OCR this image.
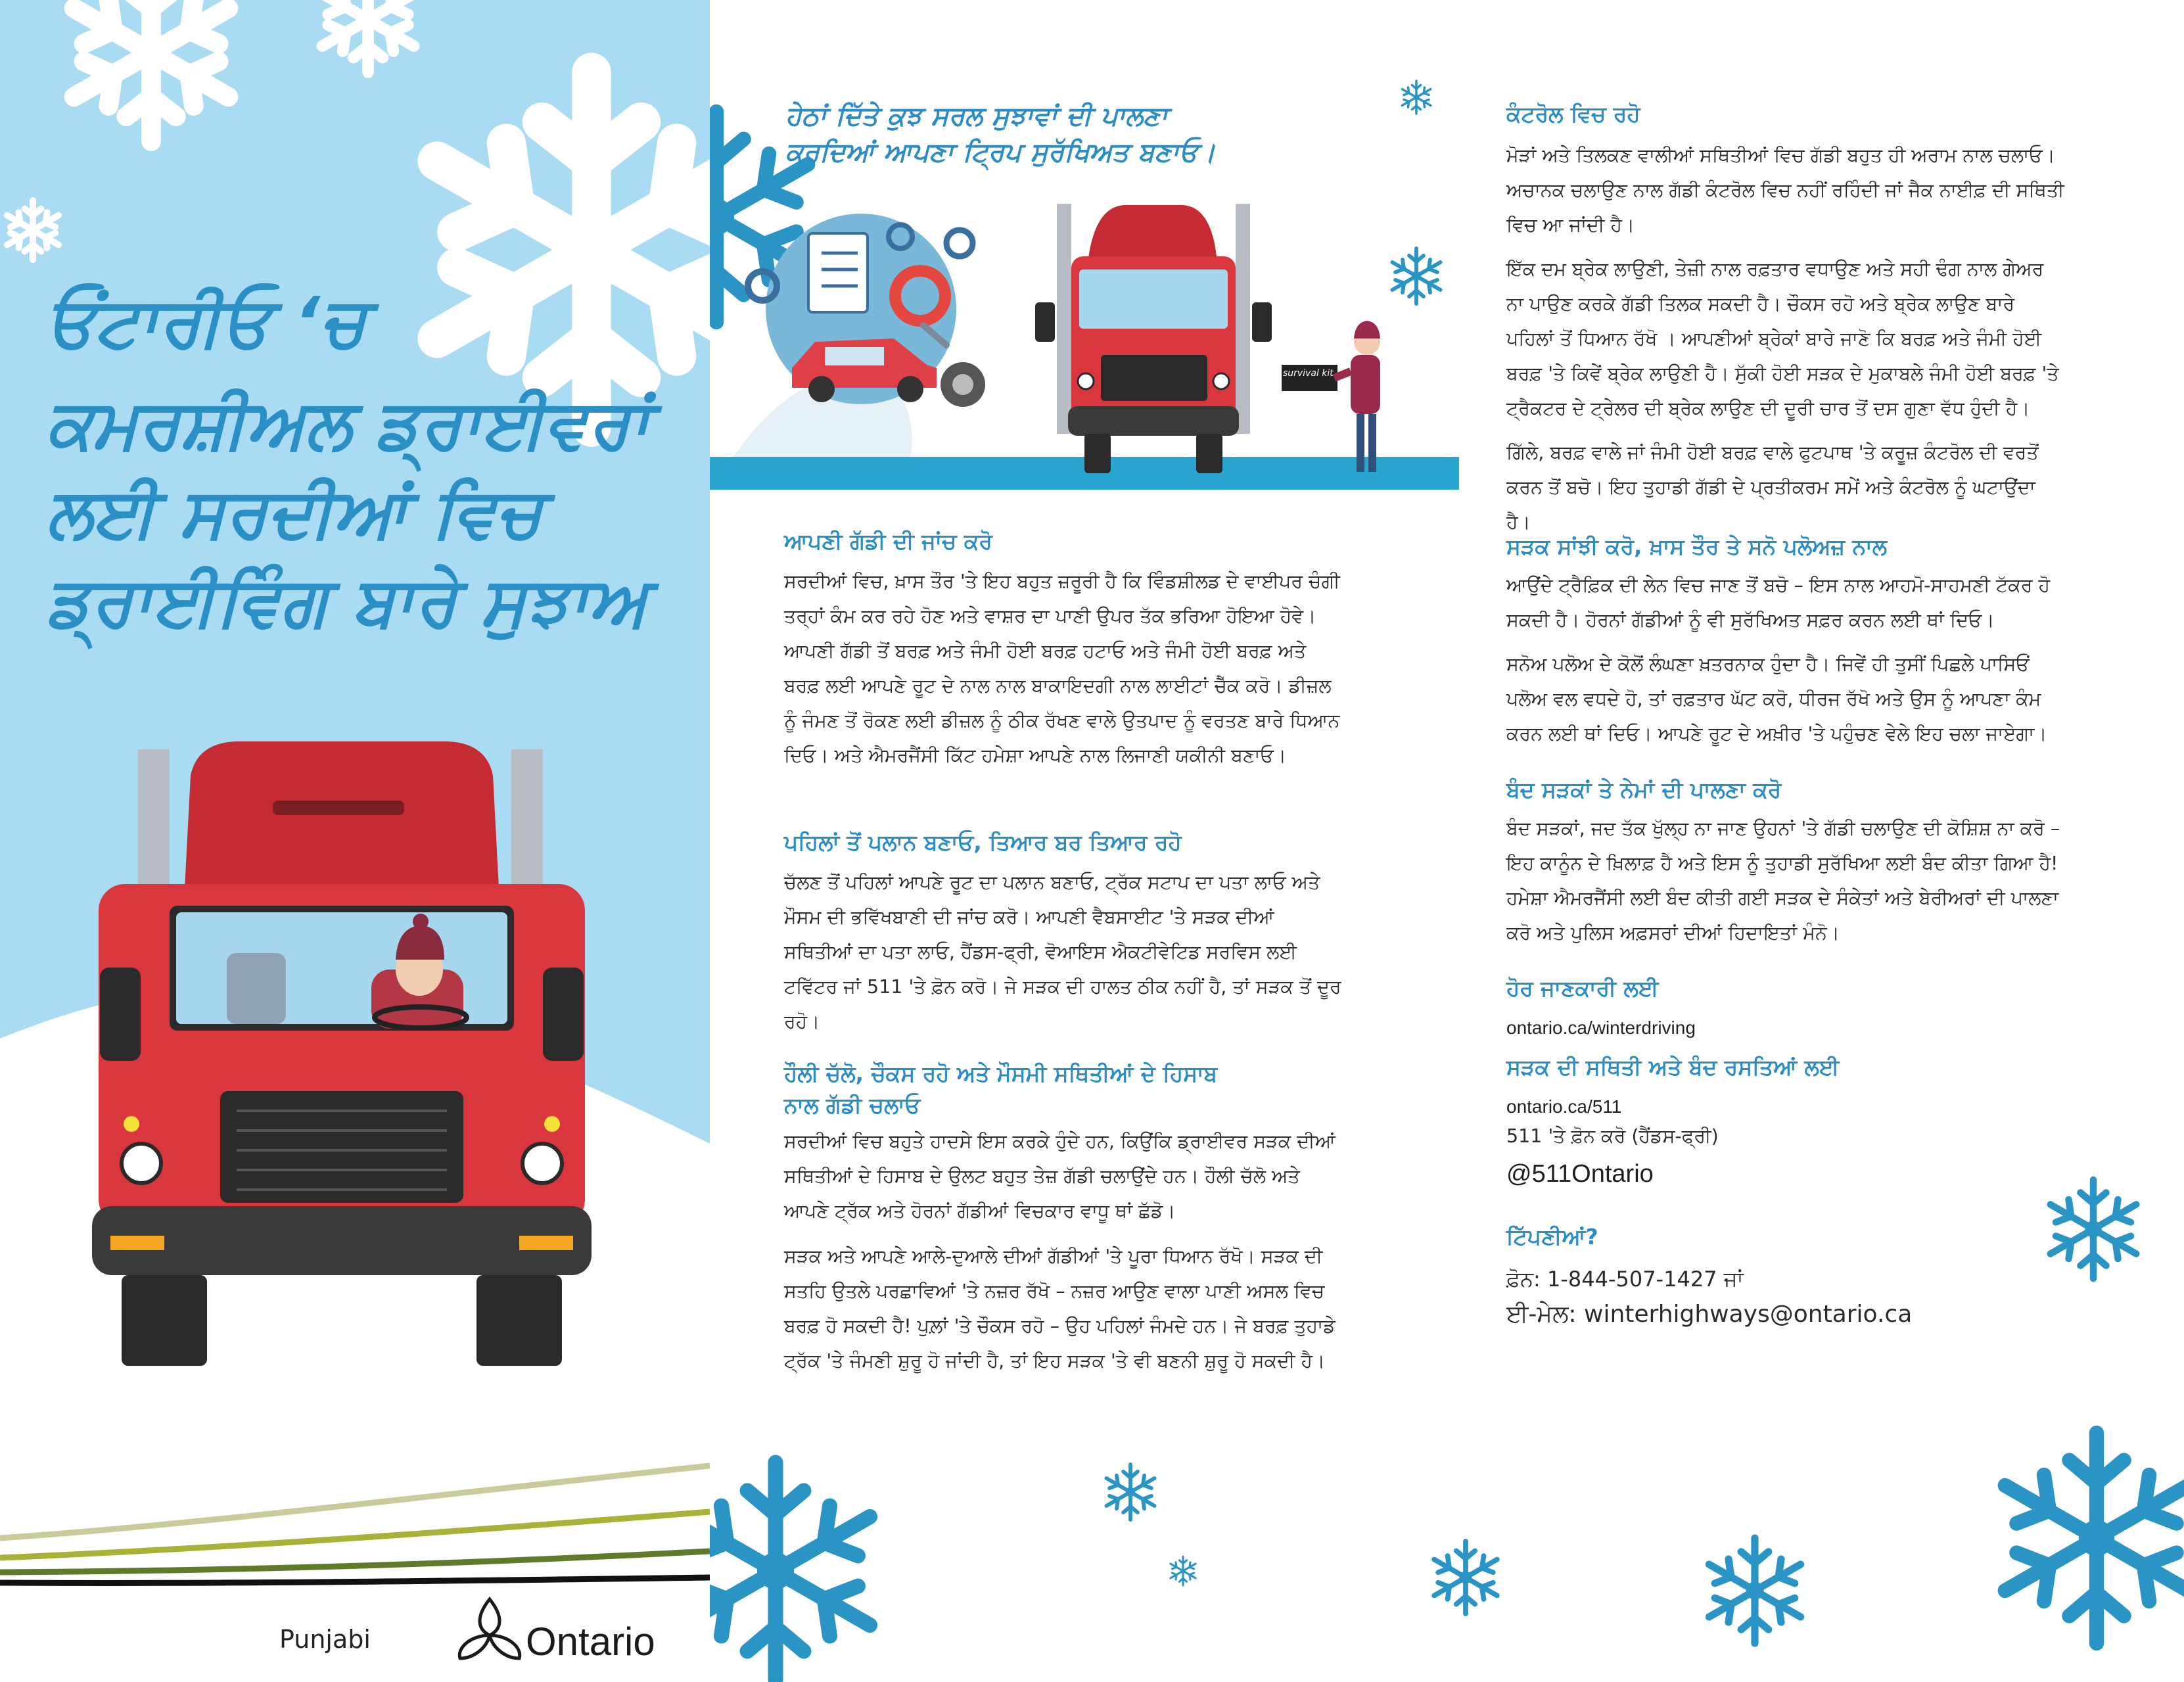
ਓਂਟਾਰੀਓ ‘ਚ
ਕਮਰਸ਼ੀਅਲ ਡ੍ਰਾਈਵਰਾਂ
ਲਈ ਸਰਦੀਆਂ ਵਿਚ
ਡ੍ਰਾਈਵਿੰਗ ਬਾਰੇ ਸੁਝਾਅ
Punjabi	Ontario
survival kit

ਹੇਠਾਂ ਦਿੱਤੇ ਕੁਝ ਸਰਲ ਸੁਝਾਵਾਂ ਦੀ ਪਾਲਣਾ

ਕਰਦਿਆਂ ਆਪਣਾ ਟ੍ਰਿਪ ਸੁਰੱਖਿਅਤ ਬਣਾਓ।

ਆਪਣੀ ਗੱਡੀ ਦੀ ਜਾਂਚ ਕਰੋ

ਸਰਦੀਆਂ ਵਿਚ, ਖ਼ਾਸ ਤੌਰ 'ਤੇ ਇਹ ਬਹੁਤ ਜ਼ਰੂਰੀ ਹੈ ਕਿ ਵਿੰਡਸ਼ੀਲਡ ਦੇ ਵਾਈਪਰ ਚੰਗੀ ਤਰ੍ਹਾਂ ਕੰਮ ਕਰ ਰਹੇ ਹੋਣ ਅਤੇ ਵਾਸ਼ਰ ਦਾ ਪਾਣੀ ਉਪਰ ਤੱਕ ਭਰਿਆ ਹੋਇਆ ਹੋਵੇ। ਆਪਣੀ ਗੱਡੀ ਤੋਂ ਬਰਫ਼ ਅਤੇ ਜੰਮੀ ਹੋਈ ਬਰਫ਼ ਹਟਾਓ ਅਤੇ ਜੰਮੀ ਹੋਈ ਬਰਫ਼ ਅਤੇ ਬਰਫ਼ ਲਈ ਆਪਣੇ ਰੂਟ ਦੇ ਨਾਲ ਨਾਲ ਬਾਕਾਇਦਗੀ ਨਾਲ ਲਾਈਟਾਂ ਚੈੱਕ ਕਰੋ। ਡੀਜ਼ਲ ਨੂੰ ਜੰਮਣ ਤੋਂ ਰੋਕਣ ਲਈ ਡੀਜ਼ਲ ਨੂੰ ਠੀਕ ਰੱਖਣ ਵਾਲੇ ਉਤਪਾਦ ਨੂੰ ਵਰਤਣ ਬਾਰੇ ਧਿਆਨ ਦਿਓ। ਅਤੇ ਐਮਰਜੈਂਸੀ ਕਿੱਟ ਹਮੇਸ਼ਾ ਆਪਣੇ ਨਾਲ ਲਿਜਾਣੀ ਯਕੀਨੀ ਬਣਾਓ।

ਪਹਿਲਾਂ ਤੋਂ ਪਲਾਨ ਬਣਾਓ, ਤਿਆਰ ਬਰ ਤਿਆਰ ਰਹੋ

ਚੱਲਣ ਤੋਂ ਪਹਿਲਾਂ ਆਪਣੇ ਰੂਟ ਦਾ ਪਲਾਨ ਬਣਾਓ, ਟ੍ਰੱਕ ਸਟਾਪ ਦਾ ਪਤਾ ਲਾਓ ਅਤੇ ਮੌਸਮ ਦੀ ਭਵਿੱਖਬਾਣੀ ਦੀ ਜਾਂਚ ਕਰੋ। ਆਪਣੀ ਵੈਬਸਾਈਟ 'ਤੇ ਸੜਕ ਦੀਆਂ ਸਥਿਤੀਆਂ ਦਾ ਪਤਾ ਲਾਓ, ਹੈਂਡਸ-ਫ੍ਰੀ, ਵੋਆਇਸ ਐਕਟੀਵੇਟਿਡ ਸਰਵਿਸ ਲਈ ਟਵਿੱਟਰ ਜਾਂ 511 'ਤੇ ਫ਼ੋਨ ਕਰੋ। ਜੇ ਸੜਕ ਦੀ ਹਾਲਤ ਠੀਕ ਨਹੀਂ ਹੈ, ਤਾਂ ਸੜਕ ਤੋਂ ਦੂਰ ਰਹੋ।

ਹੌਲੀ ਚੱਲੋ, ਚੌਕਸ ਰਹੋ ਅਤੇ ਮੌਸਮੀ ਸਥਿਤੀਆਂ ਦੇ ਹਿਸਾਬ

ਨਾਲ ਗੱਡੀ ਚਲਾਓ

ਸਰਦੀਆਂ ਵਿਚ ਬਹੁਤੇ ਹਾਦਸੇ ਇਸ ਕਰਕੇ ਹੁੰਦੇ ਹਨ, ਕਿਉਂਕਿ ਡ੍ਰਾਈਵਰ ਸੜਕ ਦੀਆਂ ਸਥਿਤੀਆਂ ਦੇ ਹਿਸਾਬ ਦੇ ਉਲਟ ਬਹੁਤ ਤੇਜ਼ ਗੱਡੀ ਚਲਾਉਂਦੇ ਹਨ। ਹੌਲੀ ਚੱਲੋ ਅਤੇ ਆਪਣੇ ਟ੍ਰੱਕ ਅਤੇ ਹੋਰਨਾਂ ਗੱਡੀਆਂ ਵਿਚਕਾਰ ਵਾਧੂ ਥਾਂ ਛੱਡੋ।

ਸੜਕ ਅਤੇ ਆਪਣੇ ਆਲੇ-ਦੁਆਲੇ ਦੀਆਂ ਗੱਡੀਆਂ 'ਤੇ ਪੂਰਾ ਧਿਆਨ ਰੱਖੋ। ਸੜਕ ਦੀ ਸਤਹਿ ਉਤਲੇ ਪਰਛਾਵਿਆਂ 'ਤੇ ਨਜ਼ਰ ਰੱਖੋ – ਨਜ਼ਰ ਆਉਣ ਵਾਲਾ ਪਾਣੀ ਅਸਲ ਵਿਚ ਬਰਫ਼ ਹੋ ਸਕਦੀ ਹੈ! ਪੁਲ਼ਾਂ 'ਤੇ ਚੌਕਸ ਰਹੋ – ਉਹ ਪਹਿਲਾਂ ਜੰਮਦੇ ਹਨ। ਜੇ ਬਰਫ਼ ਤੁਹਾਡੇ ਟ੍ਰੱਕ 'ਤੇ ਜੰਮਣੀ ਸ਼ੁਰੂ ਹੋ ਜਾਂਦੀ ਹੈ, ਤਾਂ ਇਹ ਸੜਕ 'ਤੇ ਵੀ ਬਣਨੀ ਸ਼ੁਰੂ ਹੋ ਸਕਦੀ ਹੈ।

ਕੰਟਰੋਲ ਵਿਚ ਰਹੋ

ਮੋੜਾਂ ਅਤੇ ਤਿਲਕਣ ਵਾਲੀਆਂ ਸਥਿਤੀਆਂ ਵਿਚ ਗੱਡੀ ਬਹੁਤ ਹੀ ਅਰਾਮ ਨਾਲ ਚਲਾਓ। ਅਚਾਨਕ ਚਲਾਉਣ ਨਾਲ ਗੱਡੀ ਕੰਟਰੋਲ ਵਿਚ ਨਹੀਂ ਰਹਿੰਦੀ ਜਾਂ ਜੈਕ ਨਾਈਫ਼ ਦੀ ਸਥਿਤੀ ਵਿਚ ਆ ਜਾਂਦੀ ਹੈ।

ਇੱਕ ਦਮ ਬ੍ਰੇਕ ਲਾਉਣੀ, ਤੇਜ਼ੀ ਨਾਲ ਰਫ਼ਤਾਰ ਵਧਾਉਣ ਅਤੇ ਸਹੀ ਢੰਗ ਨਾਲ ਗੇਅਰ ਨਾ ਪਾਉਣ ਕਰਕੇ ਗੱਡੀ ਤਿਲਕ ਸਕਦੀ ਹੈ। ਚੌਕਸ ਰਹੋ ਅਤੇ ਬ੍ਰੇਕ ਲਾਉਣ ਬਾਰੇ ਪਹਿਲਾਂ ਤੋਂ ਧਿਆਨ ਰੱਖੋ । ਆਪਣੀਆਂ ਬ੍ਰੇਕਾਂ ਬਾਰੇ ਜਾਣੋ ਕਿ ਬਰਫ਼ ਅਤੇ ਜੰਮੀ ਹੋਈ ਬਰਫ਼ 'ਤੇ ਕਿਵੇਂ ਬ੍ਰੇਕ ਲਾਉਣੀ ਹੈ। ਸੁੱਕੀ ਹੋਈ ਸੜਕ ਦੇ ਮੁਕਾਬਲੇ ਜੰਮੀ ਹੋਈ ਬਰਫ਼ 'ਤੇ ਟ੍ਰੈਕਟਰ ਦੇ ਟ੍ਰੇਲਰ ਦੀ ਬ੍ਰੇਕ ਲਾਉਣ ਦੀ ਦੂਰੀ ਚਾਰ ਤੋਂ ਦਸ ਗੁਣਾ ਵੱਧ ਹੁੰਦੀ ਹੈ।

ਗਿੱਲੇ, ਬਰਫ਼ ਵਾਲੇ ਜਾਂ ਜੰਮੀ ਹੋਈ ਬਰਫ਼ ਵਾਲੇ ਫੁਟਪਾਥ 'ਤੇ ਕਰੂਜ਼ ਕੰਟਰੋਲ ਦੀ ਵਰਤੋਂ ਕਰਨ ਤੋਂ ਬਚੋ। ਇਹ ਤੁਹਾਡੀ ਗੱਡੀ ਦੇ ਪ੍ਰਤੀਕਰਮ ਸਮੇਂ ਅਤੇ ਕੰਟਰੋਲ ਨੂੰ ਘਟਾਉਂਦਾ ਹੈ।

ਸੜਕ ਸਾਂਝੀ ਕਰੋ, ਖ਼ਾਸ ਤੌਰ ਤੇ ਸਨੋ ਪਲੋਅਜ਼ ਨਾਲ

ਆਉਂਦੇ ਟ੍ਰੈਫ਼ਿਕ ਦੀ ਲੇਨ ਵਿਚ ਜਾਣ ਤੋਂ ਬਚੋ – ਇਸ ਨਾਲ ਆਹਮੋ-ਸਾਹਮਣੀ ਟੱਕਰ ਹੋ ਸਕਦੀ ਹੈ। ਹੋਰਨਾਂ ਗੱਡੀਆਂ ਨੂੰ ਵੀ ਸੁਰੱਖਿਅਤ ਸਫ਼ਰ ਕਰਨ ਲਈ ਥਾਂ ਦਿਓ।

ਸਨੋਅ ਪਲੋਅ ਦੇ ਕੋਲੋਂ ਲੰਘਣਾ ਖ਼ਤਰਨਾਕ ਹੁੰਦਾ ਹੈ। ਜਿਵੇਂ ਹੀ ਤੁਸੀਂ ਪਿਛਲੇ ਪਾਸਿਓਂ ਪਲੋਅ ਵਲ ਵਧਦੇ ਹੋ, ਤਾਂ ਰਫ਼ਤਾਰ ਘੱਟ ਕਰੋ, ਧੀਰਜ ਰੱਖੋ ਅਤੇ ਉਸ ਨੂੰ ਆਪਣਾ ਕੰਮ ਕਰਨ ਲਈ ਥਾਂ ਦਿਓ। ਆਪਣੇ ਰੂਟ ਦੇ ਅਖ਼ੀਰ 'ਤੇ ਪਹੁੰਚਣ ਵੇਲੇ ਇਹ ਚਲਾ ਜਾਏਗਾ।

ਬੰਦ ਸੜਕਾਂ ਤੇ ਨੇਮਾਂ ਦੀ ਪਾਲਣਾ ਕਰੋ

ਬੰਦ ਸੜਕਾਂ, ਜਦ ਤੱਕ ਖੁੱਲ੍ਹ ਨਾ ਜਾਣ ਉਹਨਾਂ 'ਤੇ ਗੱਡੀ ਚਲਾਉਣ ਦੀ ਕੋਸ਼ਿਸ਼ ਨਾ ਕਰੋ – ਇਹ ਕਾਨੂੰਨ ਦੇ ਖ਼ਿਲਾਫ਼ ਹੈ ਅਤੇ ਇਸ ਨੂੰ ਤੁਹਾਡੀ ਸੁਰੱਖਿਆ ਲਈ ਬੰਦ ਕੀਤਾ ਗਿਆ ਹੈ! ਹਮੇਸ਼ਾ ਐਮਰਜੈਂਸੀ ਲਈ ਬੰਦ ਕੀਤੀ ਗਈ ਸੜਕ ਦੇ ਸੰਕੇਤਾਂ ਅਤੇ ਬੇਰੀਅਰਾਂ ਦੀ ਪਾਲਣਾ ਕਰੋ ਅਤੇ ਪੁਲਿਸ ਅਫ਼ਸਰਾਂ ਦੀਆਂ ਹਿਦਾਇਤਾਂ ਮੰਨੋ।

ਹੋਰ ਜਾਣਕਾਰੀ ਲਈ

ontario.ca/winterdriving

ਸੜਕ ਦੀ ਸਥਿਤੀ ਅਤੇ ਬੰਦ ਰਸਤਿਆਂ ਲਈ

ontario.ca/511

511 'ਤੇ ਫ਼ੋਨ ਕਰੋ (ਹੈਂਡਸ-ਫ੍ਰੀ)

@511Ontario

ਟਿੱਪਣੀਆਂ?

ਫ਼ੋਨ: 1-844-507-1427 ਜਾਂ

ਈ-ਮੇਲ: winterhighways@ontario.ca
